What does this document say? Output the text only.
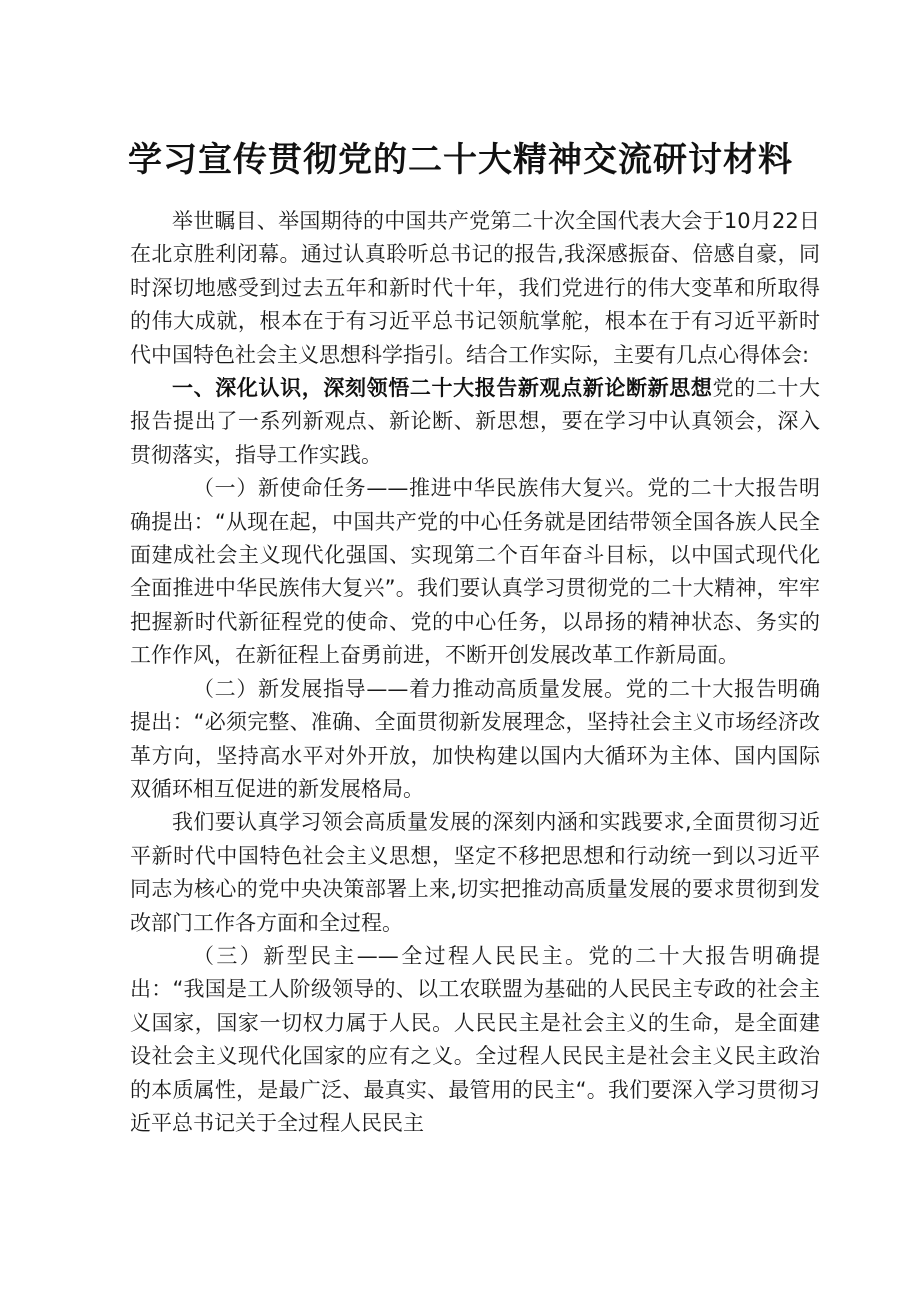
学习宣传贯彻党的二十大精神交流研讨材料

举世瞩目、举国期待的中国共产党第二十次全国代表大会于10月22日在北京胜利闭幕。通过认真聆听总书记的报告,我深感振奋、倍感自豪，同时深切地感受到过去五年和新时代十年，我们党进行的伟大变革和所取得的伟大成就，根本在于有习近平总书记领航掌舵，根本在于有习近平新时代中国特色社会主义思想科学指引。结合工作实际，主要有几点心得体会:

一、深化认识，深刻领悟二十大报告新观点新论断新思想党的二十大报告提出了一系列新观点、新论断、新思想，要在学习中认真领会，深入贯彻落实，指导工作实践。

（一）新使命任务——推进中华民族伟大复兴。党的二十大报告明确提出：“从现在起，中国共产党的中心任务就是团结带领全国各族人民全面建成社会主义现代化强国、实现第二个百年奋斗目标，以中国式现代化全面推进中华民族伟大复兴”。我们要认真学习贯彻党的二十大精神，牢牢把握新时代新征程党的使命、党的中心任务，以昂扬的精神状态、务实的工作作风，在新征程上奋勇前进，不断开创发展改革工作新局面。

（二）新发展指导——着力推动高质量发展。党的二十大报告明确提出：“必须完整、准确、全面贯彻新发展理念，坚持社会主义市场经济改革方向，坚持高水平对外开放，加快构建以国内大循环为主体、国内国际双循环相互促进的新发展格局。

我们要认真学习领会高质量发展的深刻内涵和实践要求,全面贯彻习近平新时代中国特色社会主义思想，坚定不移把思想和行动统一到以习近平同志为核心的党中央决策部署上来,切实把推动高质量发展的要求贯彻到发改部门工作各方面和全过程。

（三）新型民主——全过程人民民主。党的二十大报告明确提出：“我国是工人阶级领导的、以工农联盟为基础的人民民主专政的社会主义国家，国家一切权力属于人民。人民民主是社会主义的生命，是全面建设社会主义现代化国家的应有之义。全过程人民民主是社会主义民主政治的本质属性，是最广泛、最真实、最管用的民主“。我们要深入学习贯彻习近平总书记关于全过程人民民主
